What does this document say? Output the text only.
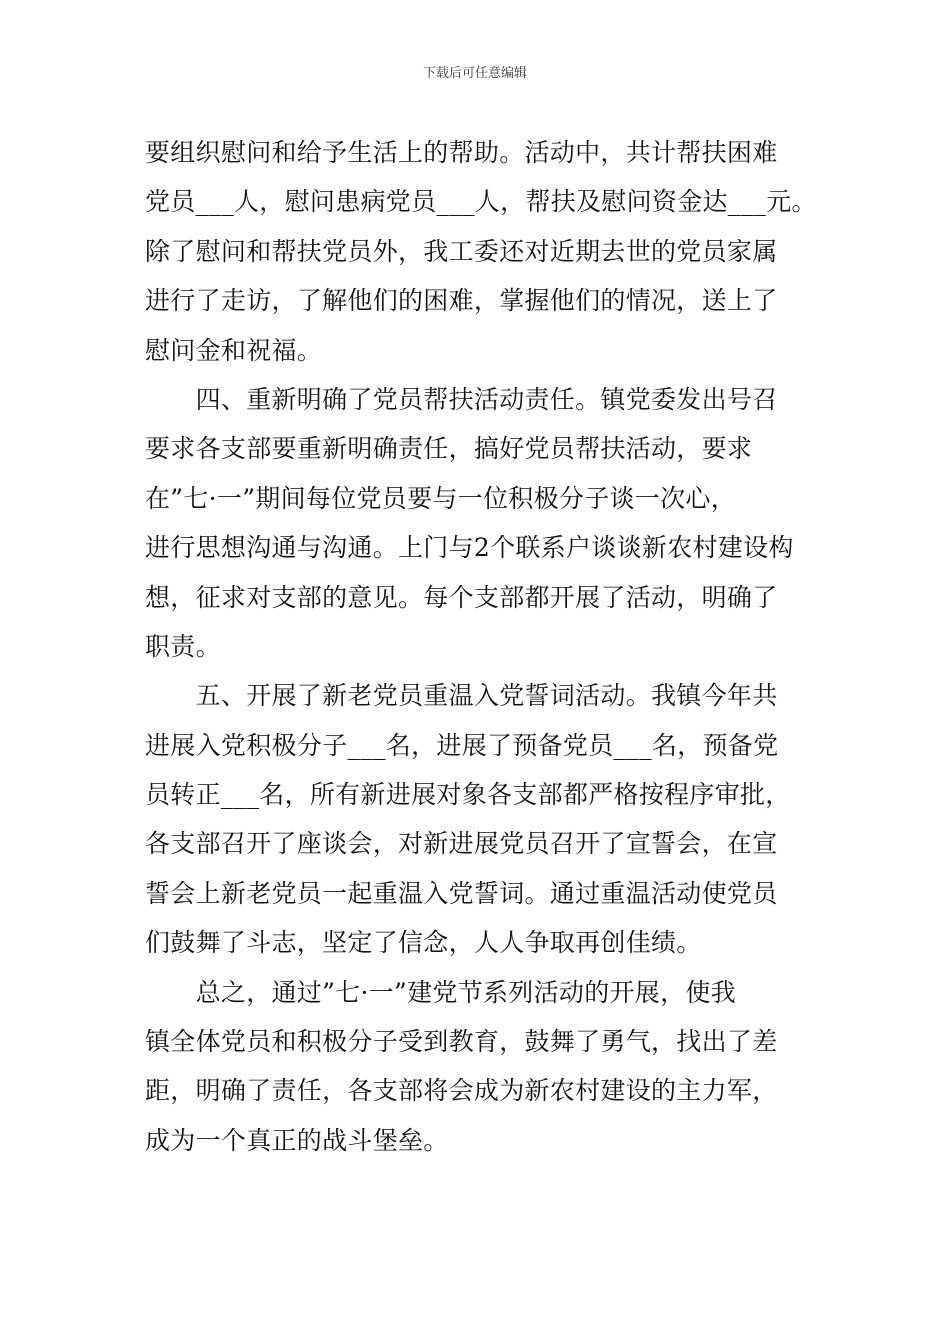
下载后可任意编辑
要组织慰问和给予生活上的帮助。活动中，共计帮扶困难
党员___人，慰问患病党员___人，帮扶及慰问资金达___元。
除了慰问和帮扶党员外，我工委还对近期去世的党员家属
进行了走访，了解他们的困难，掌握他们的情况，送上了
慰问金和祝福。
　　四、重新明确了党员帮扶活动责任。镇党委发出号召
要求各支部要重新明确责任，搞好党员帮扶活动，要求
在”七·一”期间每位党员要与一位积极分子谈一次心，
进行思想沟通与沟通。上门与2个联系户谈谈新农村建设构
想，征求对支部的意见。每个支部都开展了活动，明确了
职责。
　　五、开展了新老党员重温入党誓词活动。我镇今年共
进展入党积极分子___名，进展了预备党员___名，预备党
员转正___名，所有新进展对象各支部都严格按程序审批，
各支部召开了座谈会，对新进展党员召开了宣誓会，在宣
誓会上新老党员一起重温入党誓词。通过重温活动使党员
们鼓舞了斗志，坚定了信念，人人争取再创佳绩。
　　总之，通过”七·一”建党节系列活动的开展，使我
镇全体党员和积极分子受到教育，鼓舞了勇气，找出了差
距，明确了责任，各支部将会成为新农村建设的主力军，
成为一个真正的战斗堡垒。
